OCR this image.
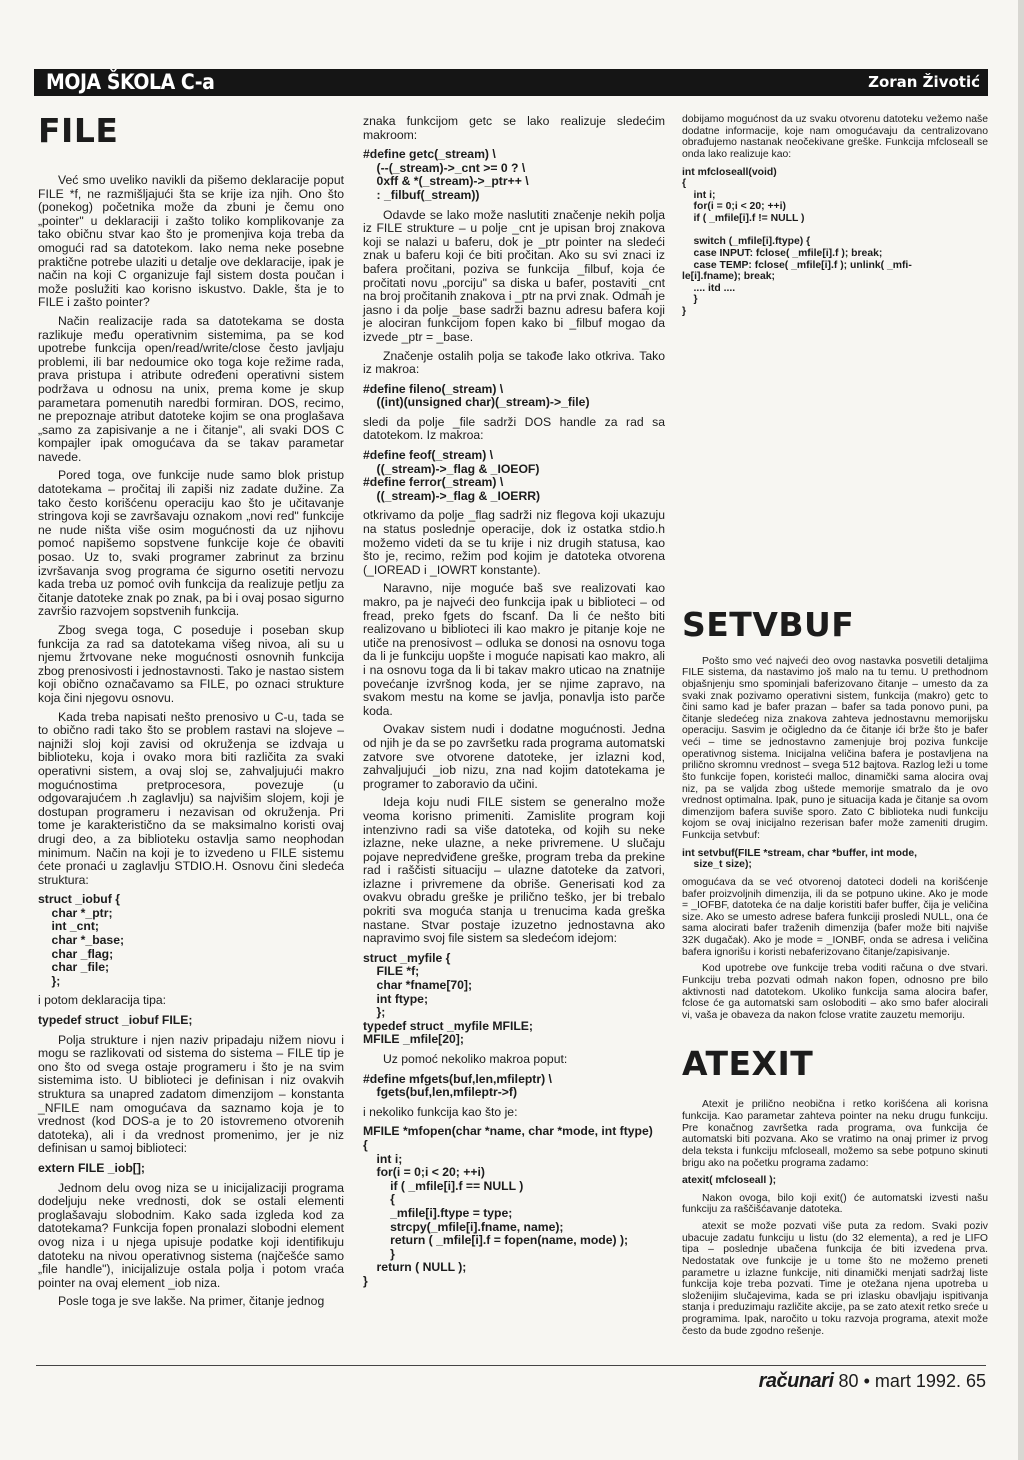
MOJA ŠKOLA C-a	Zoran Životić
FILE

Već smo uveliko navikli da pišemo deklaracije poput FILE *f, ne razmišljajući šta se krije iza njih. Ono što (ponekog) početnika može da zbuni je čemu ono „pointer" u deklaraciji i zašto toliko komplikovanje za tako običnu stvar kao što je promenjiva koja treba da omogući rad sa datotekom. Iako nema neke posebne praktične potrebe ulaziti u detalje ove deklaracije, ipak je način na koji C organizuje fajl sistem dosta poučan i može poslužiti kao korisno iskustvo. Dakle, šta je to FILE i zašto pointer?

Način realizacije rada sa datotekama se dosta razlikuje među operativnim sistemima, pa se kod upotrebe funkcija open/read/write/close često javljaju problemi, ili bar nedoumice oko toga koje režime rada, prava pristupa i atribute određeni operativni sistem podržava u odnosu na unix, prema kome je skup parametara pomenutih naredbi formiran. DOS, recimo, ne prepoznaje atribut datoteke kojim se ona proglašava „samo za zapisivanje a ne i čitanje", ali svaki DOS C kompajler ipak omogućava da se takav parametar navede.

Pored toga, ove funkcije nude samo blok pristup datotekama – pročitaj ili zapiši niz zadate dužine. Za tako često korišćenu operaciju kao što je učitavanje stringova koji se završavaju oznakom „novi red" funkcije ne nude ništa više osim mogućnosti da uz njihovu pomoć napišemo sopstvene funkcije koje će obaviti posao. Uz to, svaki programer zabrinut za brzinu izvršavanja svog programa će sigurno osetiti nervozu kada treba uz pomoć ovih funkcija da realizuje petlju za čitanje datoteke znak po znak, pa bi i ovaj posao sigurno završio razvojem sopstvenih funkcija.

Zbog svega toga, C poseduje i poseban skup funkcija za rad sa datotekama višeg nivoa, ali su u njemu žrtvovane neke mogućnosti osnovnih funkcija zbog prenosivosti i jednostavnosti. Tako je nastao sistem koji obično označavamo sa FILE, po oznaci strukture koja čini njegovu osnovu.

Kada treba napisati nešto prenosivo u C-u, tada se to obično radi tako što se problem rastavi na slojeve – najniži sloj koji zavisi od okruženja se izdvaja u biblioteku, koja i ovako mora biti različita za svaki operativni sistem, a ovaj sloj se, zahvaljujući makro mogućnostima pretprocesora, povezuje (u odgovarajućem .h zaglavlju) sa najvišim slojem, koji je dostupan programeru i nezavisan od okruženja. Pri tome je karakteristično da se maksimalno koristi ovaj drugi deo, a za biblioteku ostavlja samo neophodan minimum. Način na koji je to izvedeno u FILE sistemu ćete pronaći u zaglavlju STDIO.H. Osnovu čini sledeća struktura:

struct _iobuf {
char *_ptr;
int _cnt;
char *_base;
char _flag;
char _file;
};

i potom deklaracija tipa:

typedef struct _iobuf FILE;

Polja strukture i njen naziv pripadaju nižem niovu i mogu se razlikovati od sistema do sistema – FILE tip je ono što od svega ostaje programeru i što je na svim sistemima isto. U biblioteci je definisan i niz ovakvih struktura sa unapred zadatom dimenzijom – konstanta _NFILE nam omogućava da saznamo koja je to vrednost (kod DOS-a je to 20 istovremeno otvorenih datoteka), ali i da vrednost promenimo, jer je niz definisan u samoj biblioteci:

extern FILE _iob[];

Jednom delu ovog niza se u inicijalizaciji programa dodeljuju neke vrednosti, dok se ostali elementi proglašavaju slobodnim. Kako sada izgleda kod za datotekama? Funkcija fopen pronalazi slobodni element ovog niza i u njega upisuje podatke koji identifikuju datoteku na nivou operativnog sistema (najčešće samo „file handle"), inicijalizuje ostala polja i potom vraća pointer na ovaj element _iob niza.

Posle toga je sve lakše. Na primer, čitanje jednog

znaka funkcijom getc se lako realizuje sledećim makroom:

#define getc(_stream) \
(--(_stream)->_cnt >= 0 ? \
0xff & *(_stream)->_ptr++ \
: _filbuf(_stream))

Odavde se lako može naslutiti značenje nekih polja iz FILE strukture – u polje _cnt je upisan broj znakova koji se nalazi u baferu, dok je _ptr pointer na sledeći znak u baferu koji će biti pročitan. Ako su svi znaci iz bafera pročitani, poziva se funkcija _filbuf, koja će pročitati novu „porciju" sa diska u bafer, postaviti _cnt na broj pročitanih znakova i _ptr na prvi znak. Odmah je jasno i da polje _base sadrži baznu adresu bafera koji je alociran funkcijom fopen kako bi _filbuf mogao da izvede _ptr = _base.

Značenje ostalih polja se takođe lako otkriva. Tako iz makroa:

#define fileno(_stream) \
((int)(unsigned char)(_stream)->_file)

sledi da polje _file sadrži DOS handle za rad sa datotekom. Iz makroa:

#define feof(_stream) \
((_stream)->_flag & _IOEOF)
#define ferror(_stream) \
((_stream)->_flag & _IOERR)

otkrivamo da polje _flag sadrži niz flegova koji ukazuju na status poslednje operacije, dok iz ostatka stdio.h možemo videti da se tu krije i niz drugih statusa, kao što je, recimo, režim pod kojim je datoteka otvorena (_IOREAD i _IOWRT konstante).

Naravno, nije moguće baš sve realizovati kao makro, pa je najveći deo funkcija ipak u biblioteci – od fread, preko fgets do fscanf. Da li će nešto biti realizovano u biblioteci ili kao makro je pitanje koje ne utiče na prenosivost – odluka se donosi na osnovu toga da li je funkciju uopšte i moguće napisati kao makro, ali i na osnovu toga da li bi takav makro uticao na znatnije povećanje izvršnog koda, jer se njime zapravo, na svakom mestu na kome se javlja, ponavlja isto parče koda.

Ovakav sistem nudi i dodatne mogućnosti. Jedna od njih je da se po završetku rada programa automatski zatvore sve otvorene datoteke, jer izlazni kod, zahvaljujući _iob nizu, zna nad kojim datotekama je programer to zaboravio da učini.

Ideja koju nudi FILE sistem se generalno može veoma korisno primeniti. Zamislite program koji intenzivno radi sa više datoteka, od kojih su neke izlazne, neke ulazne, a neke privremene. U slučaju pojave nepredviđene greške, program treba da prekine rad i raščisti situaciju – ulazne datoteke da zatvori, izlazne i privremene da obriše. Generisati kod za ovakvu obradu greške je prilično teško, jer bi trebalo pokriti sva moguća stanja u trenucima kada greška nastane. Stvar postaje izuzetno jednostavna ako napravimo svoj file sistem sa sledećom idejom:

struct _myfile {
FILE *f;
char *fname[70];
int ftype;
};
typedef struct _myfile MFILE;
MFILE _mfile[20];

Uz pomoć nekoliko makroa poput:

#define mfgets(buf,len,mfileptr) \
fgets(buf,len,mfileptr->f)

i nekoliko funkcija kao što je:

MFILE *mfopen(char *name, char *mode, int ftype)
{
int i;
for(i = 0;i < 20; ++i)
if ( _mfile[i].f == NULL )
{
_mfile[i].ftype = type;
strcpy(_mfile[i].fname, name);
return ( _mfile[i].f = fopen(name, mode) );
}
return ( NULL );
}

dobijamo mogućnost da uz svaku otvorenu datoteku vežemo naše dodatne informacije, koje nam omogućavaju da centralizovano obrađujemo nastanak neočekivane greške. Funkcija mfcloseall se onda lako realizuje kao:

int mfcloseall(void)
{
int i;
for(i = 0;i < 20; ++i)
if ( _mfile[i].f != NULL )

switch (_mfile[i].ftype) {
case INPUT: fclose( _mfile[i].f ); break;
case TEMP: fclose( _mfile[i].f ); unlink( _mfi-
le[i].fname); break;
.... itd ....
}
}
SETVBUF

Pošto smo već najveći deo ovog nastavka posvetili detaljima FILE sistema, da nastavimo još malo na tu temu. U prethodnom objašnjenju smo spominjali baferizovano čitanje – umesto da za svaki znak pozivamo operativni sistem, funkcija (makro) getc to čini samo kad je bafer prazan – bafer sa tada ponovo puni, pa čitanje sledećeg niza znakova zahteva jednostavnu memorijsku operaciju. Sasvim je očigledno da će čitanje ići brže što je bafer veći – time se jednostavno zamenjuje broj poziva funkcije operativnog sistema. Inicijalna veličina bafera je postavljena na prilično skromnu vrednost – svega 512 bajtova. Razlog leži u tome što funkcije fopen, koristeći malloc, dinamički sama alocira ovaj niz, pa se valjda zbog uštede memorije smatralo da je ovo vrednost optimalna. Ipak, puno je situacija kada je čitanje sa ovom dimenzijom bafera suviše sporo. Zato C biblioteka nudi funkciju kojom se ovaj inicijalno rezerisan bafer može zameniti drugim. Funkcija setvbuf:

int setvbuf(FILE *stream, char *buffer, int mode,
size_t size);

omogućava da se već otvorenoj datoteci dodeli na korišćenje bafer proizvoljnih dimenzija, ili da se potpuno ukine. Ako je mode = _IOFBF, datoteka će na dalje koristiti bafer buffer, čija je veličina size. Ako se umesto adrese bafera funkciji prosledi NULL, ona će sama alocirati bafer traženih dimenzija (bafer može biti najviše 32K dugačak). Ako je mode = _IONBF, onda se adresa i veličina bafera ignorišu i koristi nebaferizovano čitanje/zapisivanje.

Kod upotrebe ove funkcije treba voditi računa o dve stvari. Funkciju treba pozvati odmah nakon fopen, odnosno pre bilo aktivnosti nad datotekom. Ukoliko funkcija sama alocira bafer, fclose će ga automatski sam osloboditi – ako smo bafer alocirali vi, vaša je obaveza da nakon fclose vratite zauzetu memoriju.

ATEXIT

Atexit je prilično neobična i retko korišćena ali korisna funkcija. Kao parametar zahteva pointer na neku drugu funkciju. Pre konačnog završetka rada programa, ova funkcija će automatski biti pozvana. Ako se vratimo na onaj primer iz prvog dela teksta i funkciju mfcloseall, možemo sa sebe potpuno skinuti brigu ako na početku programa zadamo:

atexit( mfcloseall );

Nakon ovoga, bilo koji exit() će automatski izvesti našu funkciju za raščišćavanje datoteka.

atexit se može pozvati više puta za redom. Svaki poziv ubacuje zadatu funkciju u listu (do 32 elementa), a red je LIFO tipa – poslednje ubačena funkcija će biti izvedena prva. Nedostatak ove funkcije je u tome što ne možemo preneti parametre u izlazne funkcije, niti dinamički menjati sadržaj liste funkcija koje treba pozvati. Time je otežana njena upotreba u složenijim slučajevima, kada se pri izlasku obavljaju ispitivanja stanja i preduzimaju različite akcije, pa se zato atexit retko sreće u programima. Ipak, naročito u toku razvoja programa, atexit može često da bude zgodno rešenje.

računari 80 • mart 1992. 65
